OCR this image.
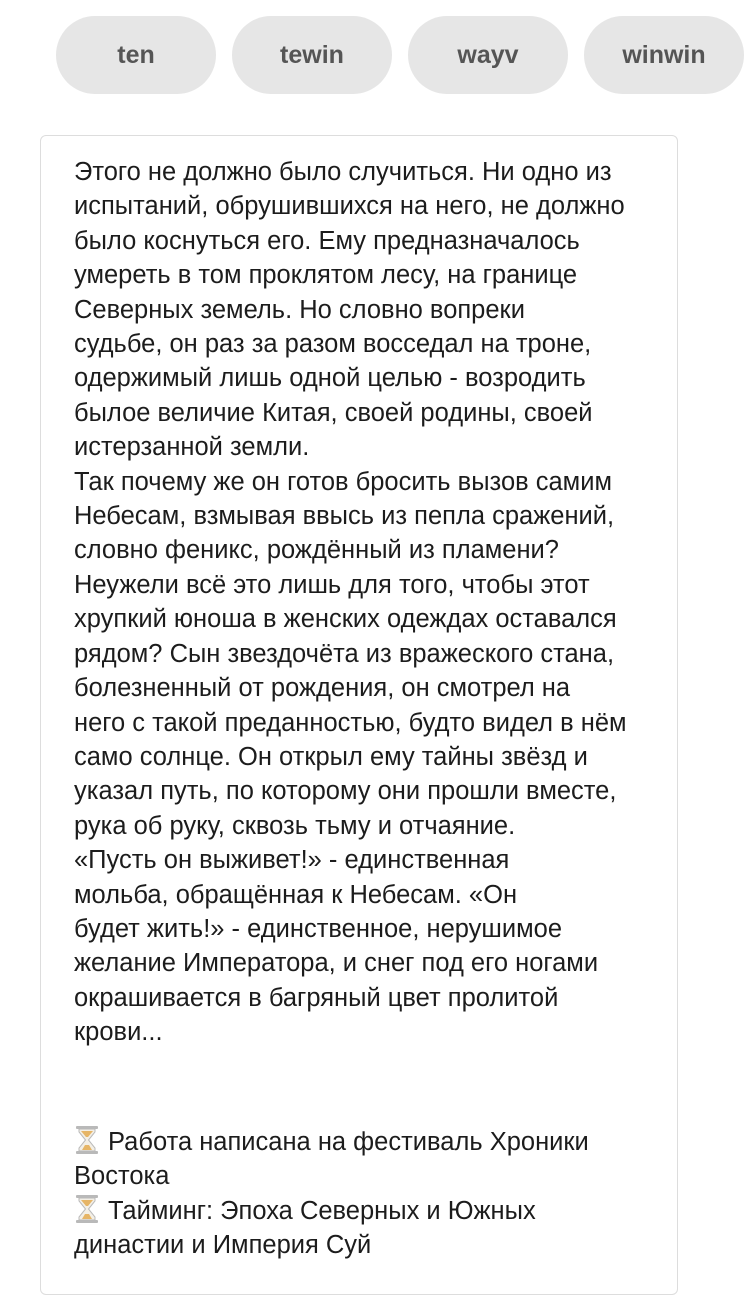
ten	tewin	wayv	winwin

Этого не должно было случиться. Ни одно из

испытаний, обрушившихся на него, не должно

было коснуться его. Ему предназначалось

умереть в том проклятом лесу, на границе

Северных земель. Но словно вопреки

судьбе, он раз за разом восседал на троне,

одержимый лишь одной целью - возродить

былое величие Китая, своей родины, своей

истерзанной земли.

Так почему же он готов бросить вызов самим

Небесам, взмывая ввысь из пепла сражений,

словно феникс, рождённый из пламени?

Неужели всё это лишь для того, чтобы этот

хрупкий юноша в женских одеждах оставался

рядом? Сын звездочёта из вражеского стана,

болезненный от рождения, он смотрел на

него с такой преданностью, будто видел в нём

само солнце. Он открыл ему тайны звёзд и

указал путь, по которому они прошли вместе,

рука об руку, сквозь тьму и отчаяние.

«Пусть он выживет!» - единственная

мольба, обращённая к Небесам. «Он

будет жить!» - единственное, нерушимое

желание Императора, и снег под его ногами

окрашивается в багряный цвет пролитой

крови...

Работа написана на фестиваль Хроники

Востока

Тайминг: Эпоха Северных и Южных

династии и Империя Суй
